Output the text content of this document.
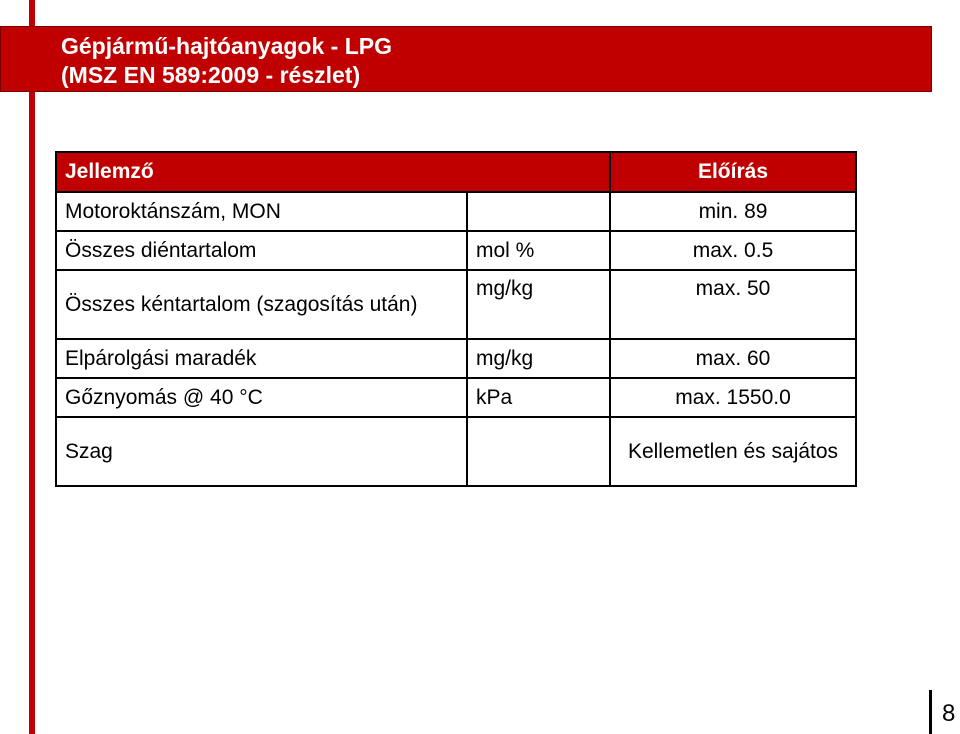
Gépjármű-hajtóanyagok - LPG
(MSZ EN 589:2009 - részlet)
Jellemző		Előírás
Motoroktánszám, MON		min. 89
Összes diéntartalom	mol %	max. 0.5
Összes kéntartalom (szagosítás után)	mg/kg	max. 50
Elpárolgási maradék	mg/kg	max. 60
Gőznyomás @ 40 °C	kPa	max. 1550.0
Szag		Kellemetlen és sajátos
8
